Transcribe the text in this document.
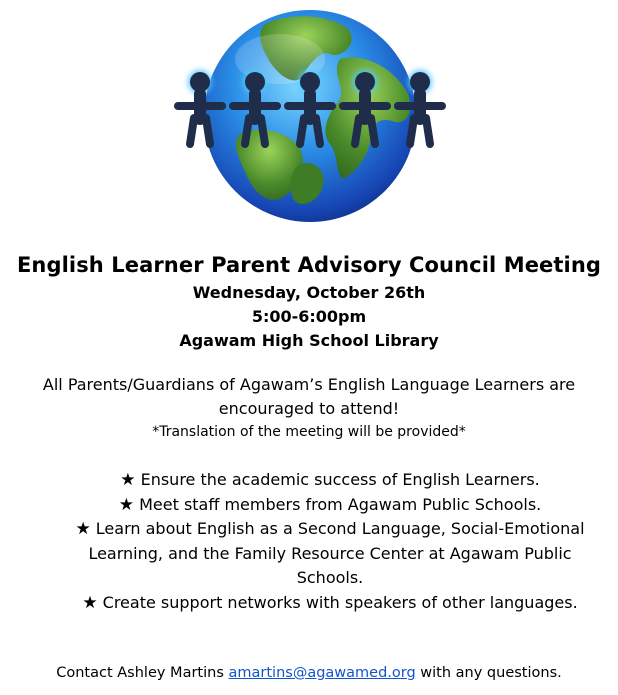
English Learner Parent Advisory Council Meeting
Wednesday, October 26th
5:00-6:00pm
Agawam High School Library
All Parents/Guardians of Agawam’s English Language Learners are encouraged to attend!
*Translation of the meeting will be provided*
★ Ensure the academic success of English Learners.
★ Meet staff members from Agawam Public Schools.
★ Learn about English as a Second Language, Social-Emotional Learning, and the Family Resource Center at Agawam Public Schools.
★ Create support networks with speakers of other languages.
Contact Ashley Martins amartins@agawamed.org with any questions.
